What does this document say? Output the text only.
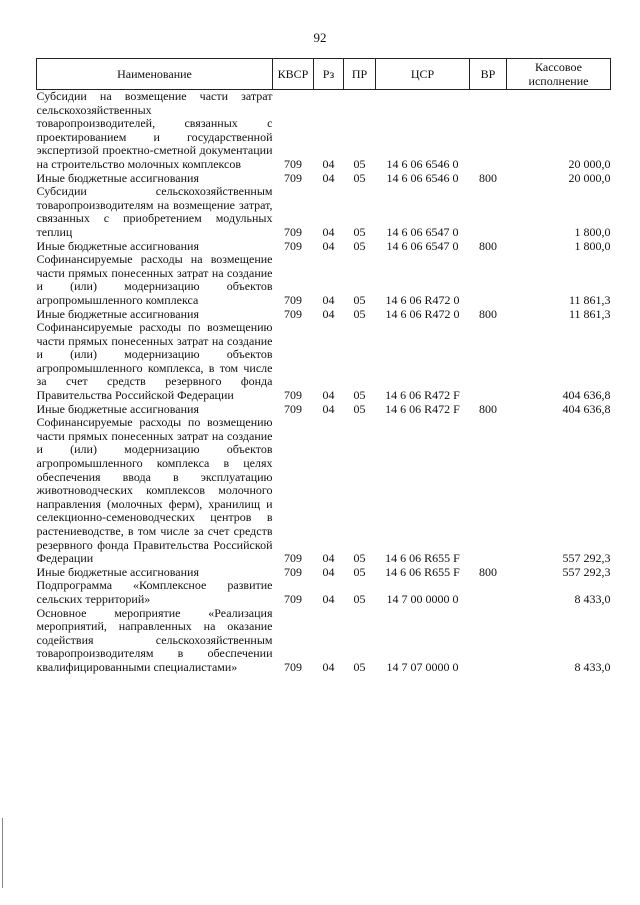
92
Наименование	КВСР	Рз	ПР	ЦСР	ВР	Кассовое исполнение
Субсидии на возмещение части затрат сельскохозяйственных товаропроизводителей, связанных с проектированием и государственной экспертизой проектно-сметной документации на строительство молочных комплексов	709	04	05	14 6 06 6546 0		20 000,0
Иные бюджетные ассигнования	709	04	05	14 6 06 6546 0	800	20 000,0
Субсидии сельскохозяйственным товаропроизводителям на возмещение затрат, связанных с приобретением модульных теплиц	709	04	05	14 6 06 6547 0		1 800,0
Иные бюджетные ассигнования	709	04	05	14 6 06 6547 0	800	1 800,0
Софинансируемые расходы на возмещение части прямых понесенных затрат на создание и (или) модернизацию объектов агропромышленного комплекса	709	04	05	14 6 06 R472 0		11 861,3
Иные бюджетные ассигнования	709	04	05	14 6 06 R472 0	800	11 861,3
Софинансируемые расходы по возмещению части прямых понесенных затрат на создание и (или) модернизацию объектов агропромышленного комплекса, в том числе за счет средств резервного фонда Правительства Российской Федерации	709	04	05	14 6 06 R472 F		404 636,8
Иные бюджетные ассигнования	709	04	05	14 6 06 R472 F	800	404 636,8
Софинансируемые расходы по возмещению части прямых понесенных затрат на создание и (или) модернизацию объектов агропромышленного комплекса в целях обеспечения ввода в эксплуатацию животноводческих комплексов молочного направления (молочных ферм), хранилищ и селекционно-семеноводческих центров в растениеводстве, в том числе за счет средств резервного фонда Правительства Российской Федерации	709	04	05	14 6 06 R655 F		557 292,3
Иные бюджетные ассигнования	709	04	05	14 6 06 R655 F	800	557 292,3
Подпрограмма «Комплексное развитие сельских территорий»	709	04	05	14 7 00 0000 0		8 433,0
Основное мероприятие «Реализация мероприятий, направленных на оказание содействия сельскохозяйственным товаропроизводителям в обеспечении квалифицированными специалистами»	709	04	05	14 7 07 0000 0		8 433,0
